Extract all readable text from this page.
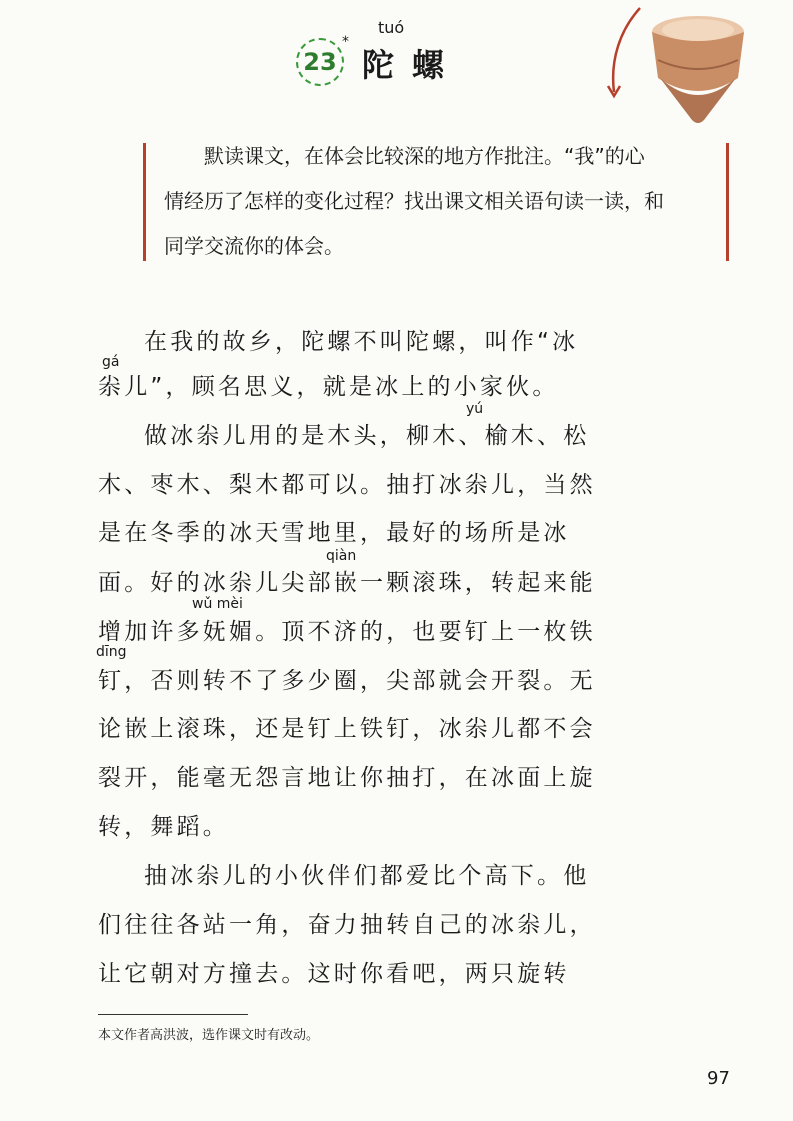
23
*
tuó
陀螺
默读课文，在体会比较深的地方作批注。“我”的心
情经历了怎样的变化过程？找出课文相关语句读一读，和
同学交流你的体会。
在我的故乡，陀螺不叫陀螺，叫作“冰
gá
尜儿”，顾名思义，就是冰上的小家伙。
yú
做冰尜儿用的是木头，柳木、榆木、松
木、枣木、梨木都可以。抽打冰尜儿，当然
是在冬季的冰天雪地里，最好的场所是冰
qiàn
面。好的冰尜儿尖部嵌一颗滚珠，转起来能
wǔ mèi
增加许多妩媚。顶不济的，也要钉上一枚铁
dīng
钉，否则转不了多少圈，尖部就会开裂。无
论嵌上滚珠，还是钉上铁钉，冰尜儿都不会
裂开，能毫无怨言地让你抽打，在冰面上旋
转，舞蹈。
抽冰尜儿的小伙伴们都爱比个高下。他
们往往各站一角，奋力抽转自己的冰尜儿，
让它朝对方撞去。这时你看吧，两只旋转
本文作者高洪波，选作课文时有改动。
97
